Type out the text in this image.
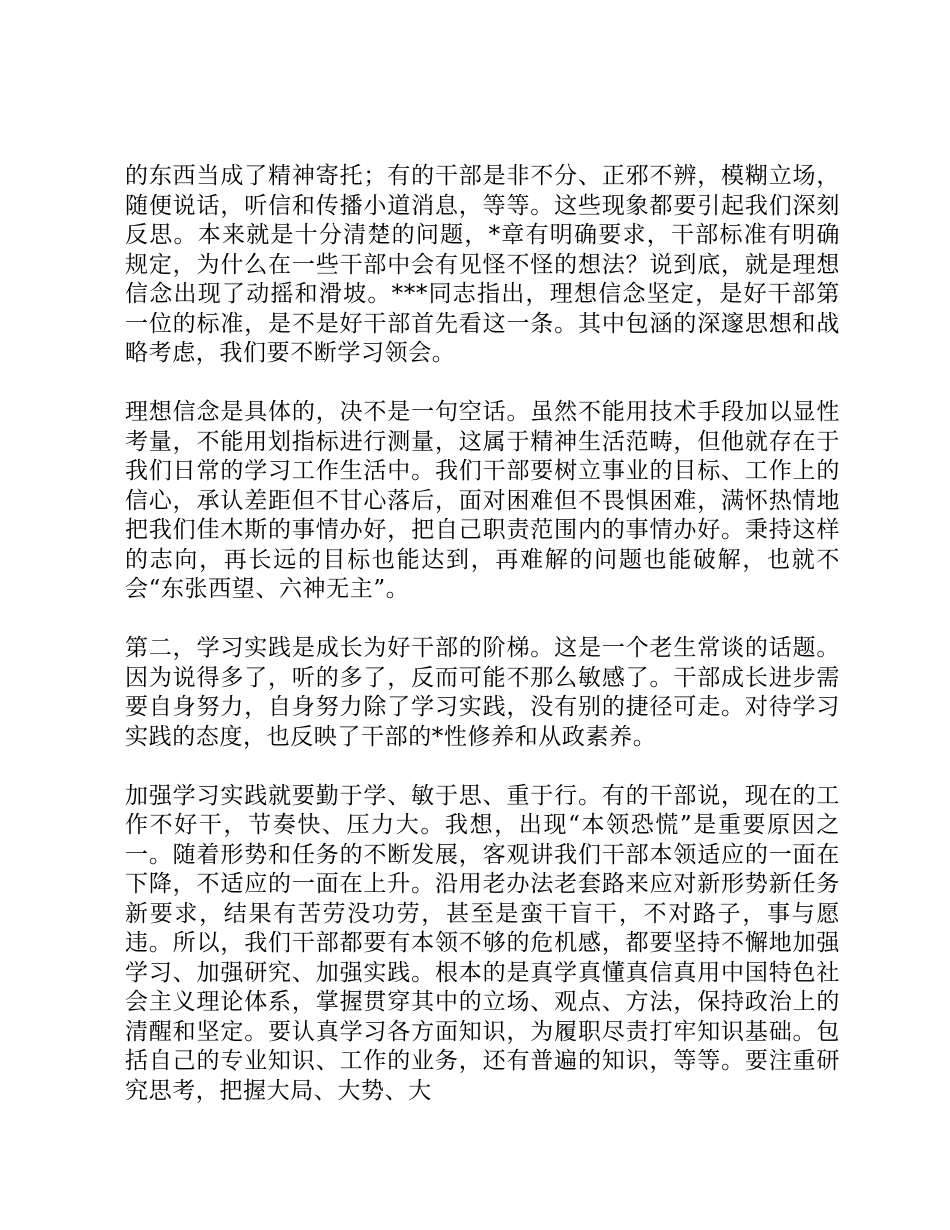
的东西当成了精神寄托；有的干部是非不分、正邪不辨，模糊立场，随便说话，听信和传播小道消息，等等。这些现象都要引起我们深刻反思。本来就是十分清楚的问题，*章有明确要求，干部标准有明确规定，为什么在一些干部中会有见怪不怪的想法？说到底，就是理想信念出现了动摇和滑坡。***同志指出，理想信念坚定，是好干部第一位的标准，是不是好干部首先看这一条。其中包涵的深邃思想和战略考虑，我们要不断学习领会。

理想信念是具体的，决不是一句空话。虽然不能用技术手段加以显性考量，不能用划指标进行测量，这属于精神生活范畴，但他就存在于我们日常的学习工作生活中。我们干部要树立事业的目标、工作上的信心，承认差距但不甘心落后，面对困难但不畏惧困难，满怀热情地把我们佳木斯的事情办好，把自己职责范围内的事情办好。秉持这样的志向，再长远的目标也能达到，再难解的问题也能破解，也就不会“东张西望、六神无主”。

第二，学习实践是成长为好干部的阶梯。这是一个老生常谈的话题。因为说得多了，听的多了，反而可能不那么敏感了。干部成长进步需要自身努力，自身努力除了学习实践，没有别的捷径可走。对待学习实践的态度，也反映了干部的*性修养和从政素养。

加强学习实践就要勤于学、敏于思、重于行。有的干部说，现在的工作不好干，节奏快、压力大。我想，出现“本领恐慌”是重要原因之一。随着形势和任务的不断发展，客观讲我们干部本领适应的一面在下降，不适应的一面在上升。沿用老办法老套路来应对新形势新任务新要求，结果有苦劳没功劳，甚至是蛮干盲干，不对路子，事与愿违。所以，我们干部都要有本领不够的危机感，都要坚持不懈地加强学习、加强研究、加强实践。根本的是真学真懂真信真用中国特色社会主义理论体系，掌握贯穿其中的立场、观点、方法，保持政治上的清醒和坚定。要认真学习各方面知识，为履职尽责打牢知识基础。包括自己的专业知识、工作的业务，还有普遍的知识，等等。要注重研究思考，把握大局、大势、大
